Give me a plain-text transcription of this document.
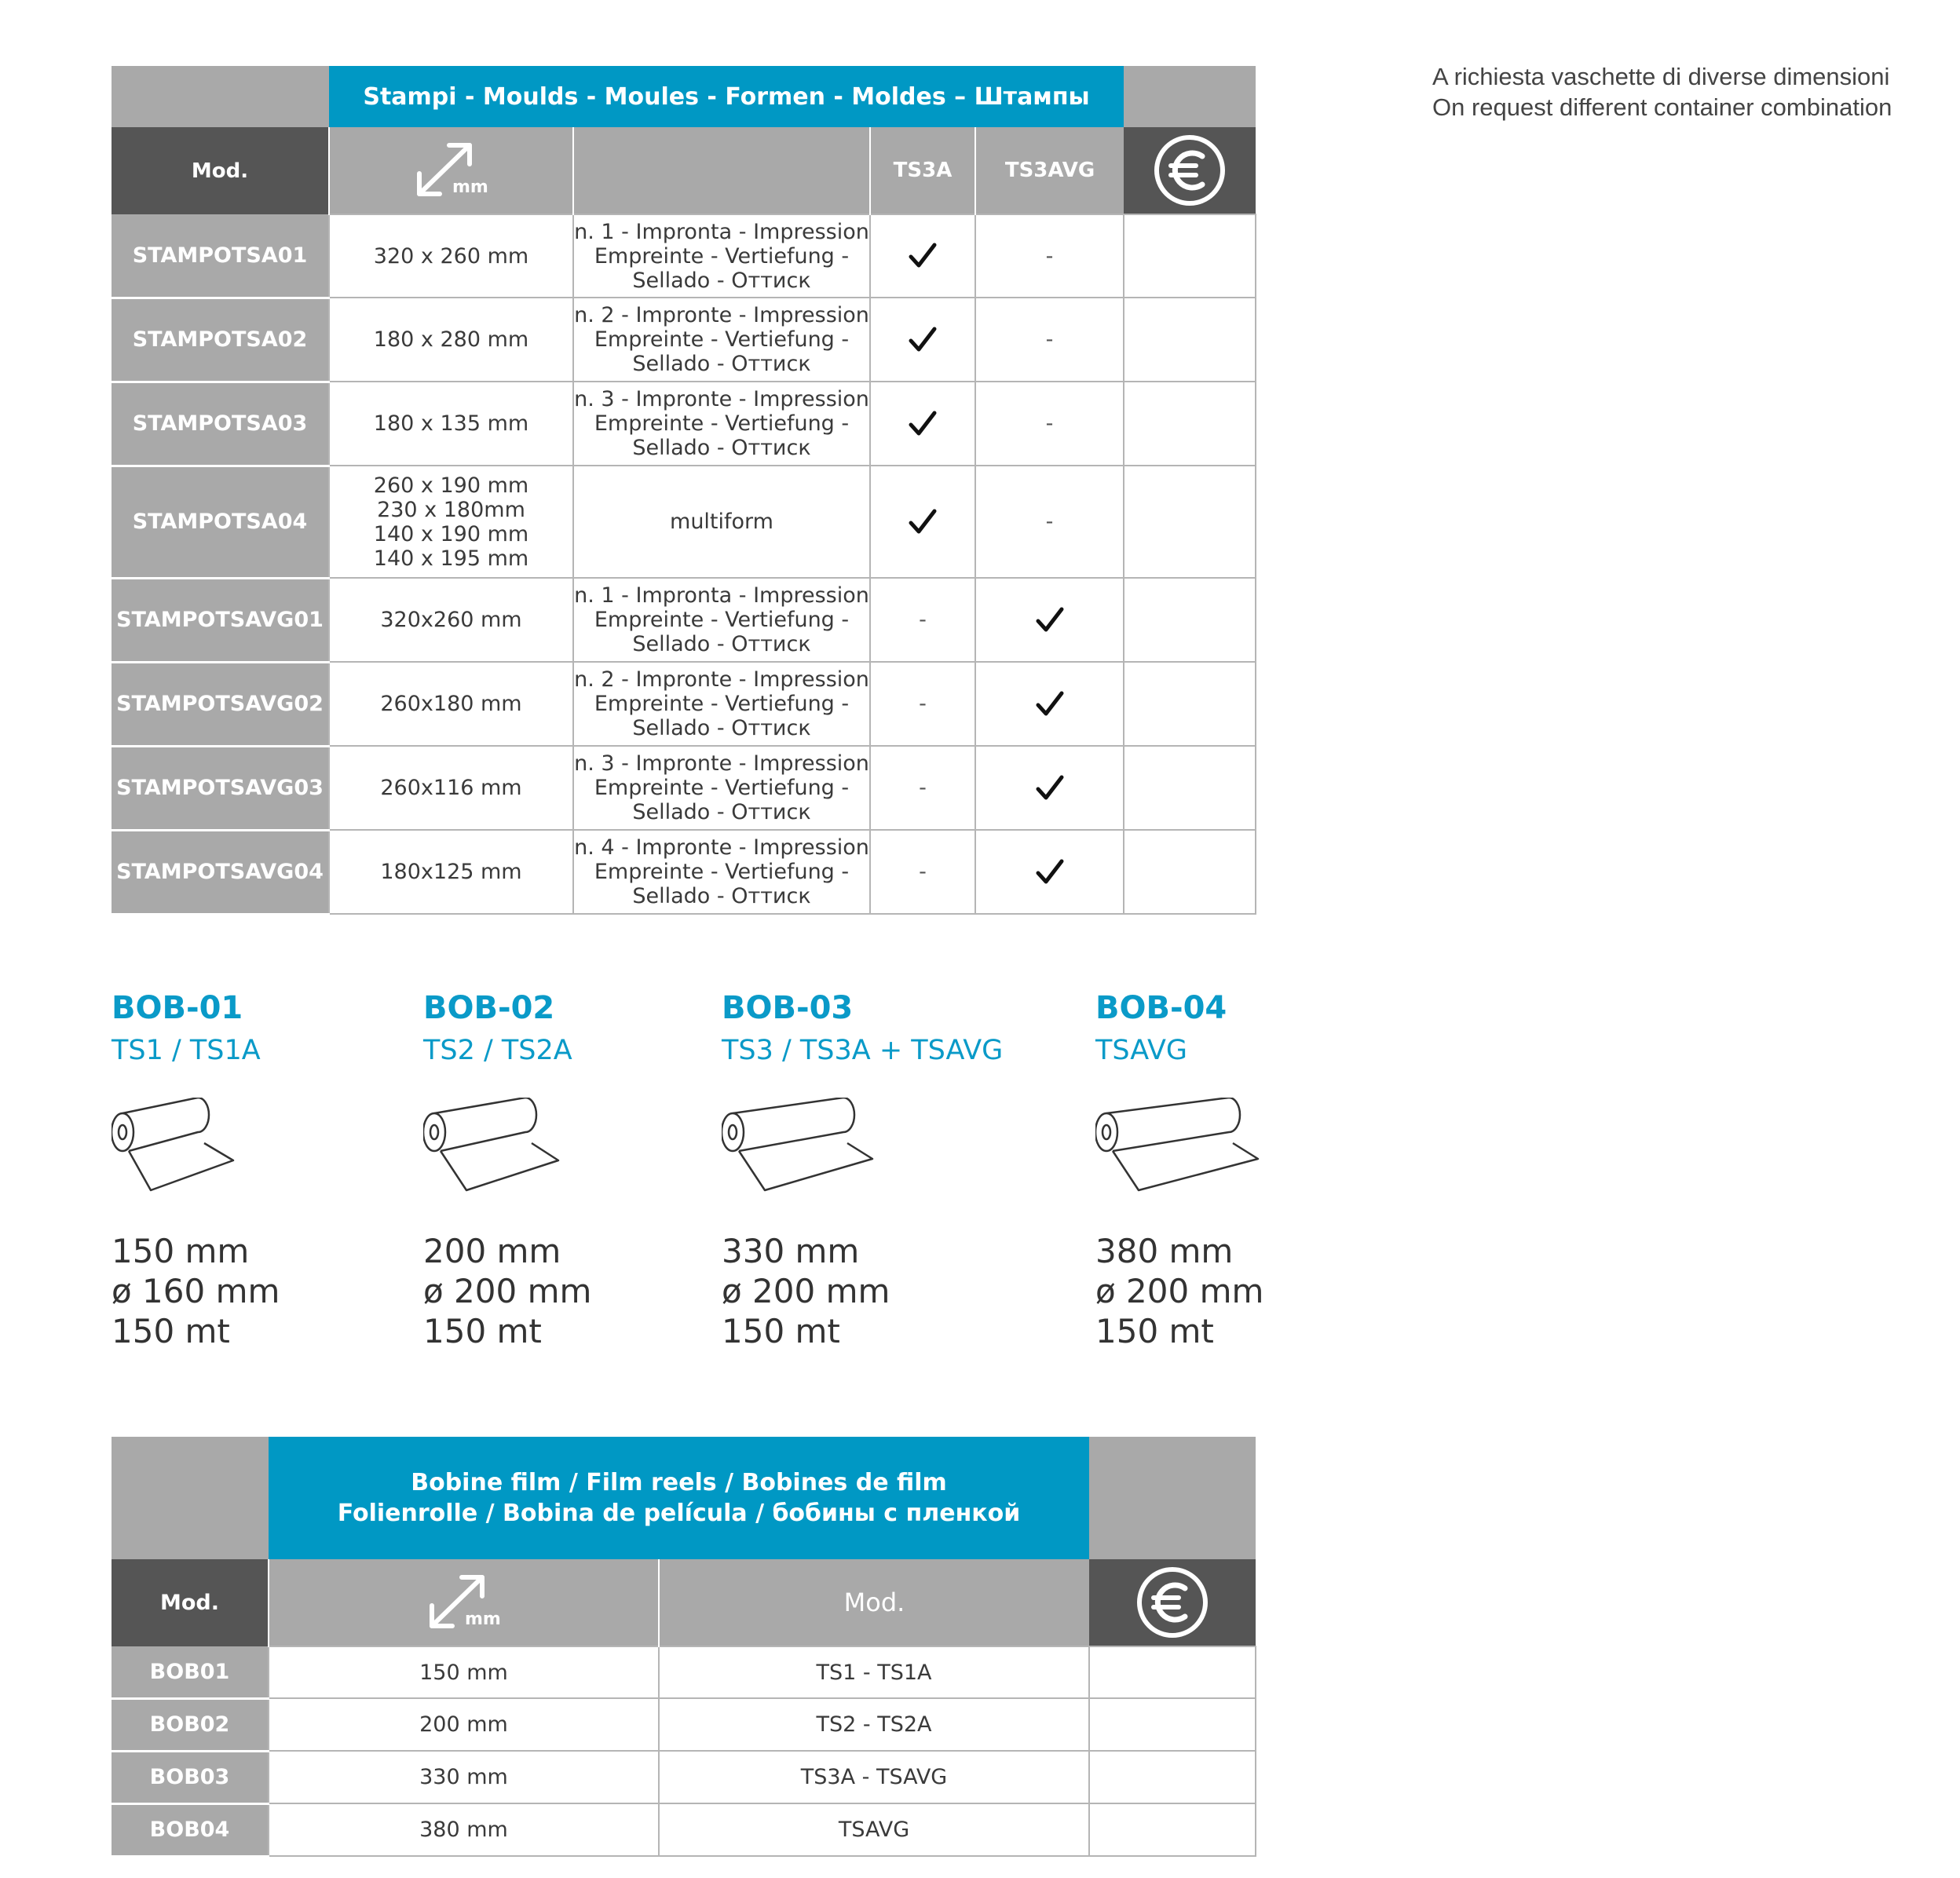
A richiesta vaschette di diverse dimensioni
On request different container combination
	Stampi - Moulds - Moules - Formen - Moldes – Штампы				
Mod.	mm		TS3A	TS3AVG	

STAMPOTSA01	320 x 260 mm	n. 1 - Impronta - Impression
Empreinte - Vertiefung -
Sellado - Оттиск		-	
STAMPOTSA02	180 x 280 mm	n. 2 - Impronte - Impression
Empreinte - Vertiefung -
Sellado - Оттиск		-	
STAMPOTSA03	180 x 135 mm	n. 3 - Impronte - Impression
Empreinte - Vertiefung -
Sellado - Оттиск		-	
STAMPOTSA04	260 x 190 mm
230 x 180mm
140 x 190 mm
140 x 195 mm	multiform		-	
STAMPOTSAVG01	320x260 mm	n. 1 - Impronta - Impression
Empreinte - Vertiefung -
Sellado - Оттиск	-	

STAMPOTSAVG02	260x180 mm	n. 2 - Impronte - Impression
Empreinte - Vertiefung -
Sellado - Оттиск	-	

STAMPOTSAVG03	260x116 mm	n. 3 - Impronte - Impression
Empreinte - Vertiefung -
Sellado - Оттиск	-	

STAMPOTSAVG04	180x125 mm	n. 4 - Impronte - Impression
Empreinte - Vertiefung -
Sellado - Оттиск	-	

BOB-01
TS1 / TS1A
150 mm
ø 160 mm
150 mt
BOB-02
TS2 / TS2A
200 mm
ø 200 mm
150 mt
BOB-03
TS3 / TS3A + TSAVG
330 mm
ø 200 mm
150 mt
BOB-04
TSAVG
380 mm
ø 200 mm
150 mt

	Bobine film / Film reels / Bobines de film
Folienrolle / Bobina de película / бобины с пленкой		

Mod.	mm	Mod.	

BOB01	150 mm	TS1 - TS1A	
BOB02	200 mm	TS2 - TS2A	
BOB03	330 mm	TS3A - TSAVG	
BOB04	380 mm	TSAVG	
